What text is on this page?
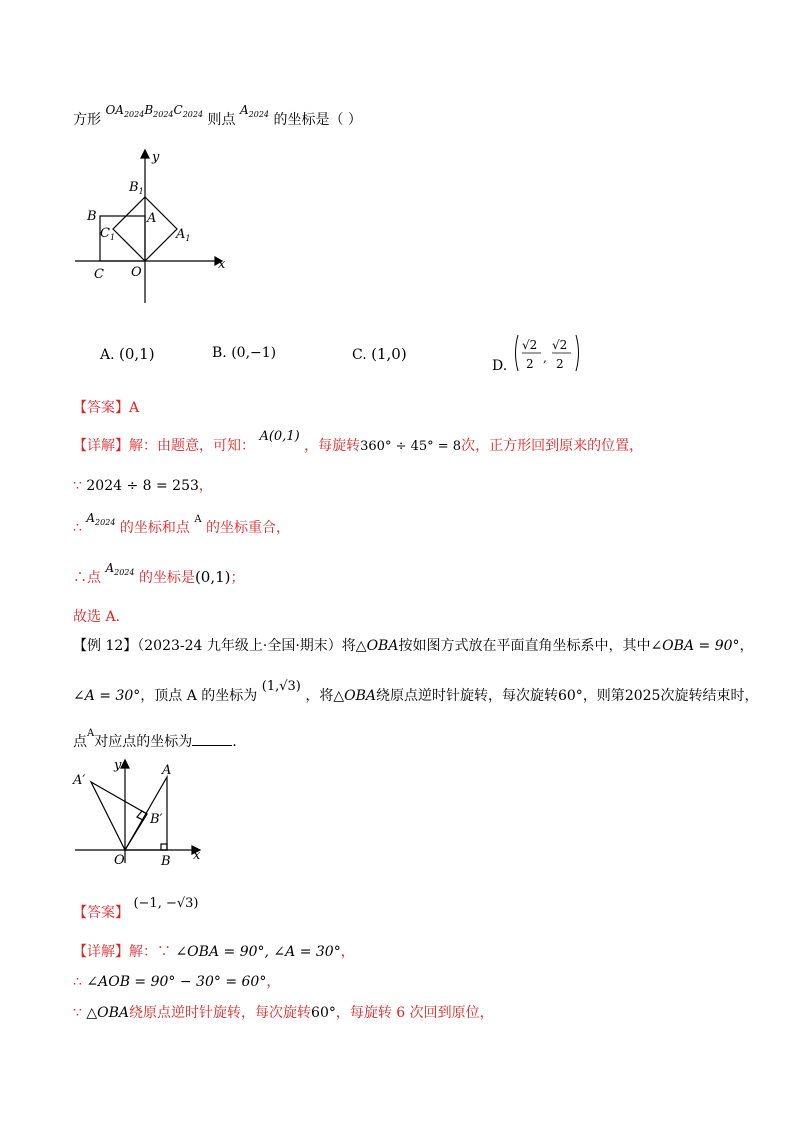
方形 $OA_{2024}B_{2024}C_{2024}$ 则点 $A_{2024}$ 的坐标是（ ）
y
x
$B_1$
B	A
$C_1$	$A_1$
C O
A. (0,1)	B. (0,−1)	C. (1,0)
D.
√2
2 ,
√2
2
【答案】A
【详解】解：由题意，可知： A(0,1) ，每旋转360° ÷ 45° = 8次，正方形回到原来的位置，
∵ 2024 ÷ 8 = 253，
∴ $A_{2024}$ 的坐标和点 $^A$ 的坐标重合，
∴点 $A_{2024}$ 的坐标是(0,1)；
故选 A.
【例 12】（2023-24 九年级上·全国·期末）将△OBA按如图方式放在平面直角坐标系中，其中∠OBA = 90°，
∠A = 30°，顶点 A 的坐标为 (1,√3) ，将△OBA绕原点逆时针旋转，每次旋转60°，则第2025次旋转结束时，
点$^A$对应点的坐标为	.
A′
y	A
B′
O	B x
【答案】 (−1, −√3)
【详解】解：∵ ∠OBA = 90°, ∠A = 30°，
∴ ∠AOB = 90° − 30° = 60°，
∵ △OBA绕原点逆时针旋转，每次旋转60°，每旋转 6 次回到原位，
